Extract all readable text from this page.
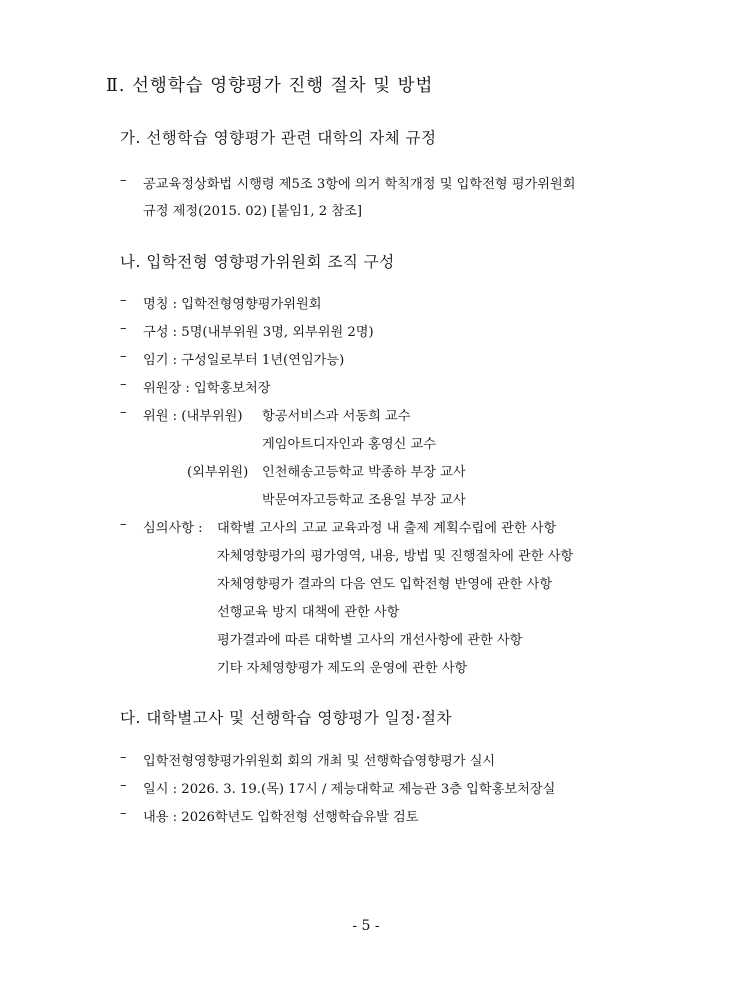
Ⅱ. 선행학습 영향평가 진행 절차 및 방법
가. 선행학습 영향평가 관련 대학의 자체 규정
– 공교육정상화법 시행령 제5조 3항에 의거 학칙개정 및 입학전형 평가위원회
규정 제정(2015. 02) [붙임1, 2 참조]
나. 입학전형 영향평가위원회 조직 구성
– 명칭 : 입학전형영향평가위원회
– 구성 : 5명(내부위원 3명, 외부위원 2명)
– 임기 : 구성일로부터 1년(연임가능)
– 위원장 : 입학홍보처장
– 위원 : (내부위원) 항공서비스과 서동희 교수
게임아트디자인과 홍영신 교수
(외부위원) 인천해송고등학교 박종하 부장 교사
박문여자고등학교 조용일 부장 교사
– 심의사항 : 대학별 고사의 고교 교육과정 내 출제 계획수립에 관한 사항
자체영향평가의 평가영역, 내용, 방법 및 진행절차에 관한 사항
자체영향평가 결과의 다음 연도 입학전형 반영에 관한 사항
선행교육 방지 대책에 관한 사항
평가결과에 따른 대학별 고사의 개선사항에 관한 사항
기타 자체영향평가 제도의 운영에 관한 사항
다. 대학별고사 및 선행학습 영향평가 일정·절차
– 입학전형영향평가위원회 회의 개최 및 선행학습영향평가 실시
– 일시 : 2026. 3. 19.(목) 17시 / 제능대학교 제능관 3층 입학홍보처장실
– 내용 : 2026학년도 입학전형 선행학습유발 검토
- 5 -
